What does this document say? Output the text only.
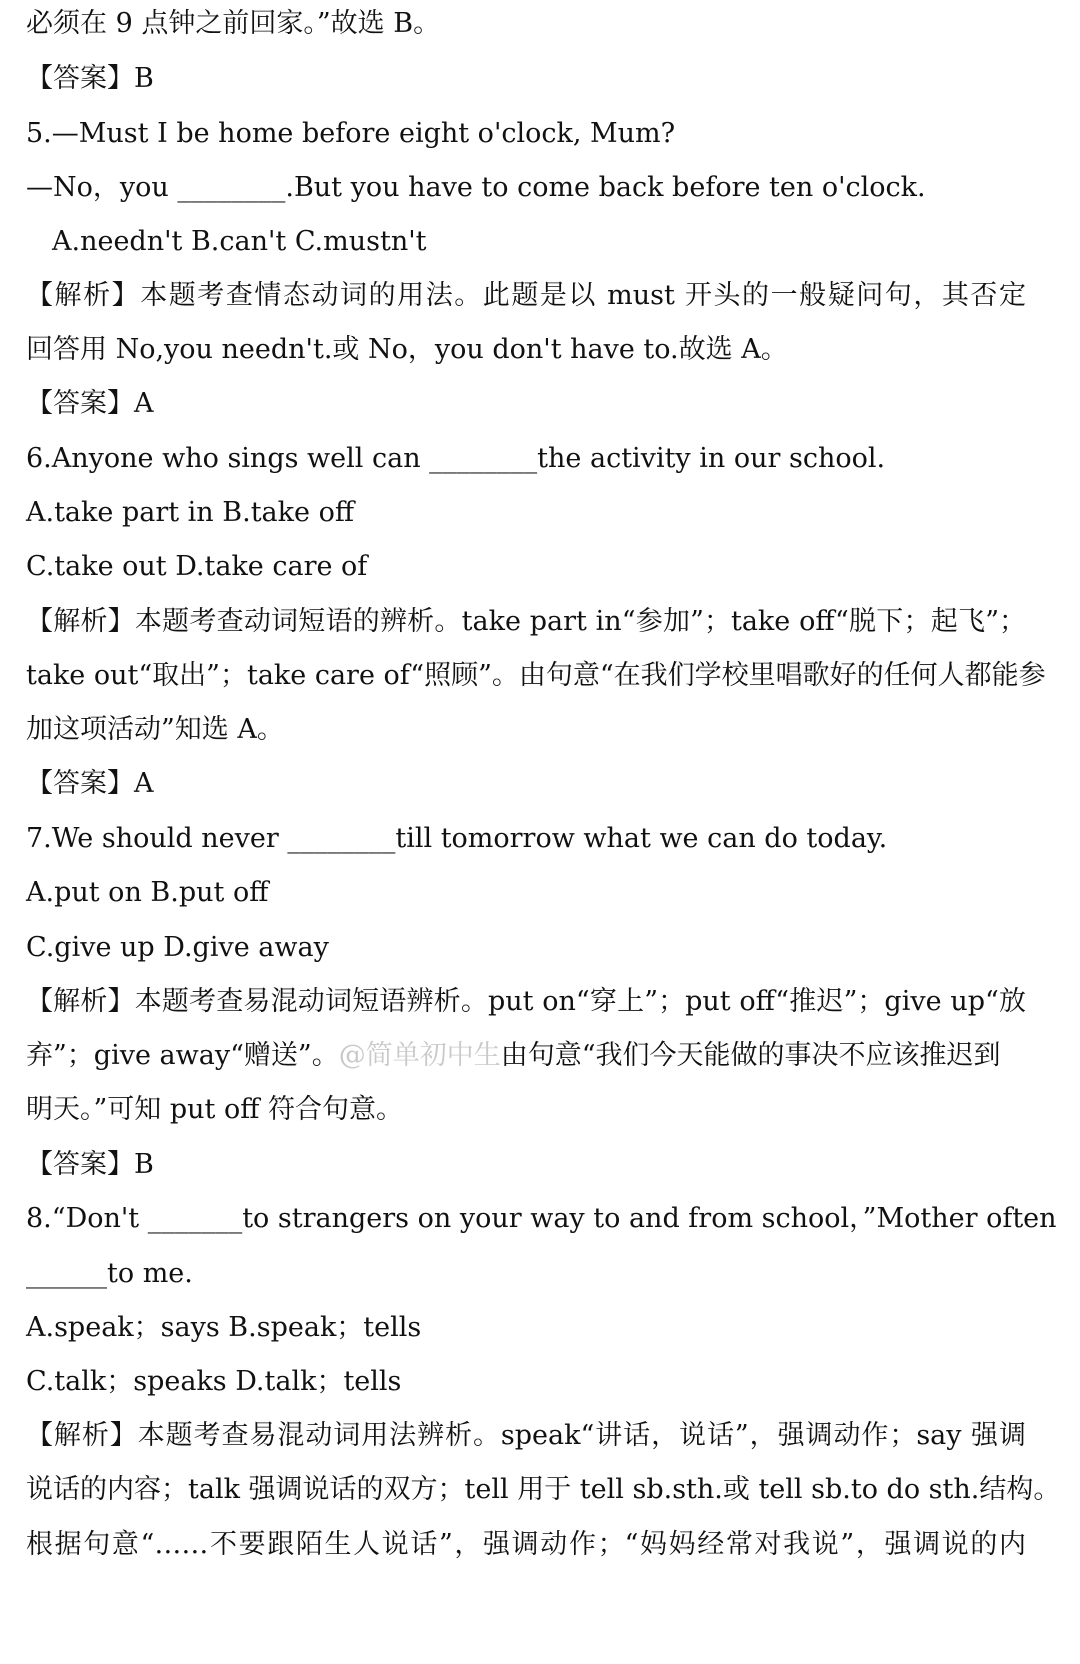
必须在 9 点钟之前回家。”故选 B。
【答案】B
5.—Must I be home before eight o'clock, Mum?
—No，you ________.But you have to come back before ten o'clock.
A.needn't B.can't C.mustn't
【解析】本题考查情态动词的用法。此题是以 must 开头的一般疑问句，其否定
回答用 No,you needn't.或 No，you don't have to.故选 A。
【答案】A
6.Anyone who sings well can ________the activity in our school.
A.take part in B.take off
C.take out D.take care of
【解析】本题考查动词短语的辨析。take part in“参加”；take off“脱下；起飞”；
take out“取出”；take care of“照顾”。由句意“在我们学校里唱歌好的任何人都能参
加这项活动”知选 A。
【答案】A
7.We should never ________till tomorrow what we can do today.
A.put on B.put off
C.give up D.give away
【解析】本题考查易混动词短语辨析。put on“穿上”；put off“推迟”；give up“放
弃”；give away“赠送”。@简单初中生由句意“我们今天能做的事决不应该推迟到
明天。”可知 put off 符合句意。
【答案】B
8.“Don't _______to strangers on your way to and from school，”Mother often
______to me.
A.speak；says B.speak；tells
C.talk；speaks D.talk；tells
【解析】本题考查易混动词用法辨析。speak“讲话，说话”，强调动作；say 强调
说话的内容；talk 强调说话的双方；tell 用于 tell sb.sth.或 tell sb.to do sth.结构。
根据句意“……不要跟陌生人说话”，强调动作；“妈妈经常对我说”，强调说的内
